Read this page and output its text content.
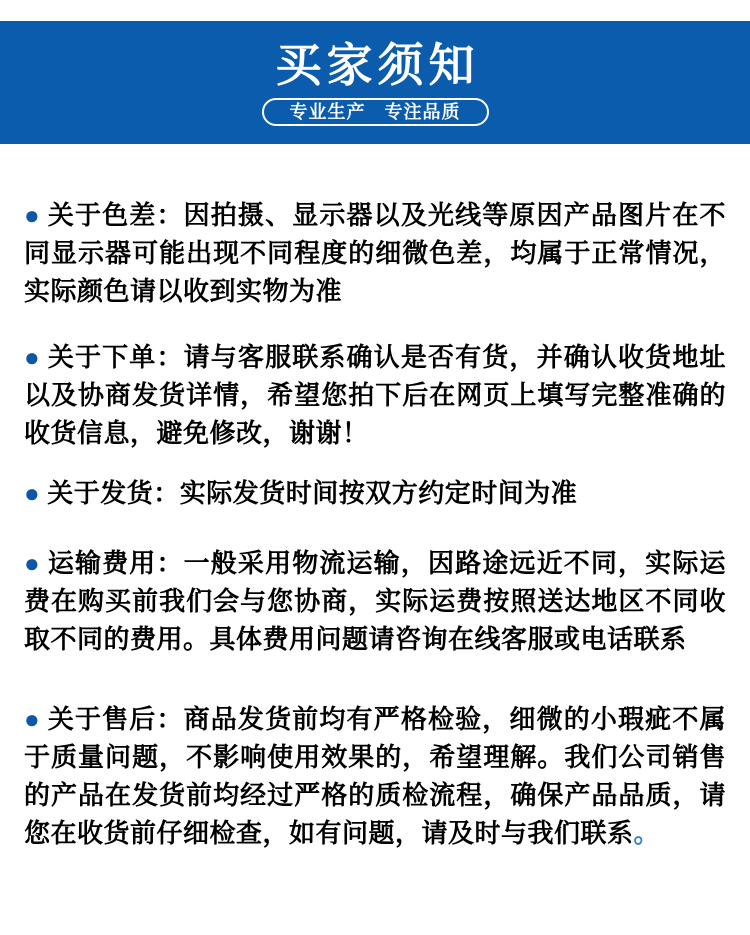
买家须知
专业生产　专注品质

● 关于色差：因拍摄、显示器以及光线等原因产品图片在不同显示器可能出现不同程度的细微色差，均属于正常情况，实际颜色请以收到实物为准

● 关于下单：请与客服联系确认是否有货，并确认收货地址以及协商发货详情，希望您拍下后在网页上填写完整准确的收货信息，避免修改，谢谢！

● 关于发货：实际发货时间按双方约定时间为准

● 运输费用：一般采用物流运输，因路途远近不同，实际运费在购买前我们会与您协商，实际运费按照送达地区不同收取不同的费用。具体费用问题请咨询在线客服或电话联系

● 关于售后：商品发货前均有严格检验，细微的小瑕疵不属于质量问题，不影响使用效果的，希望理解。我们公司销售的产品在发货前均经过严格的质检流程，确保产品品质，请您在收货前仔细检查，如有问题，请及时与我们联系。
